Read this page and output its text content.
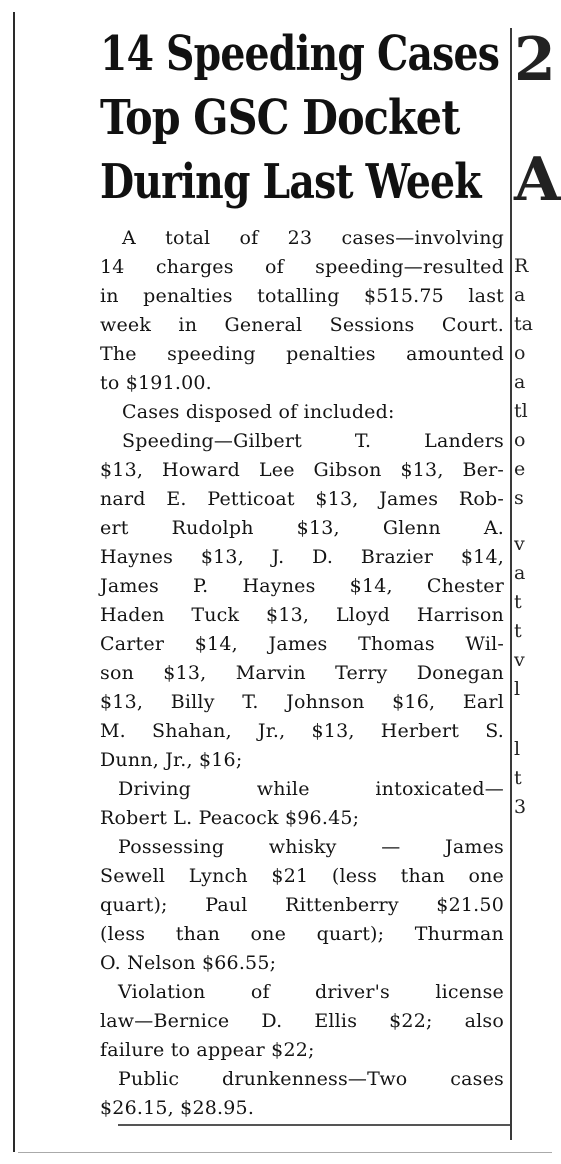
14 Speeding Cases
Top GSC Docket
During Last Week
A total of 23 cases—involving
14 charges of speeding—resulted
in penalties totalling $515.75 last
week in General Sessions Court.
The speeding penalties amounted
to $191.00.
Cases disposed of included:
Speeding—Gilbert T. Landers
$13, Howard Lee Gibson $13, Ber-
nard E. Petticoat $13, James Rob-
ert Rudolph $13, Glenn A.
Haynes $13, J. D. Brazier $14,
James P. Haynes $14, Chester
Haden Tuck $13, Lloyd Harrison
Carter $14, James Thomas Wil-
son $13, Marvin Terry Donegan
$13, Billy T. Johnson $16, Earl
M. Shahan, Jr., $13, Herbert S.
Dunn, Jr., $16;
Driving while intoxicated—
Robert L. Peacock $96.45;
Possessing whisky — James
Sewell Lynch $21 (less than one
quart); Paul Rittenberry $21.50
(less than one quart); Thurman
O. Nelson $66.55;
Violation of driver's license
law—Bernice D. Ellis $22; also
failure to appear $22;
Public drunkenness—Two cases
$26.15, $28.95.
2
A
R
a
ta
o
a
tl
o
e
s
v
a
t
t
v
l
l
t
3
